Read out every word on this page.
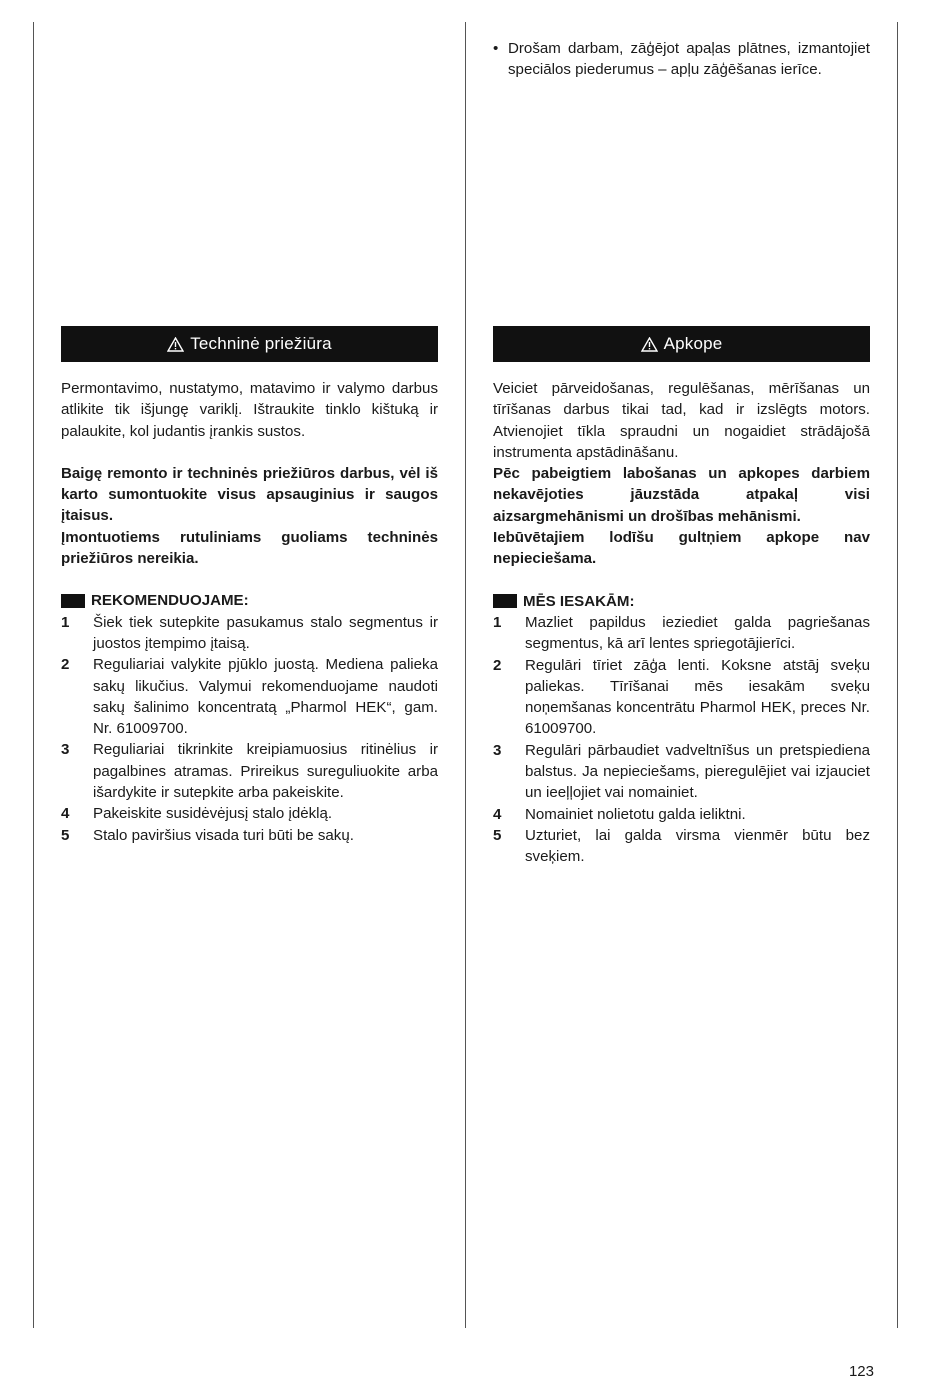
• Drošam darbam, zāģējot apaļas plātnes, izmantojiet speciālos piederumus – apļu zāģēšanas ierīce.
Techninė priežiūra	Apkope

Permontavimo, nustatymo, matavimo ir valymo darbus atlikite tik išjungę variklį. Ištraukite tinklo kištuką ir palaukite, kol judantis įrankis sustos.

Baigę remonto ir techninės priežiūros darbus, vėl iš karto sumontuokite visus apsauginius ir saugos įtaisus.

Įmontuotiems rutuliniams guoliams techninės priežiūros nereikia.

REKOMENDUOJAME:
1	Šiek tiek sutepkite pasukamus stalo segmentus ir juostos įtempimo įtaisą.
2	Reguliariai valykite pjūklo juostą. Mediena palieka sakų likučius. Valymui rekomenduojame naudoti sakų šalinimo koncentratą „Pharmol HEK“, gam. Nr. 61009700.
3	Reguliariai tikrinkite kreipiamuosius ritinėlius ir pagalbines atramas. Prireikus sureguliuokite arba išardykite ir sutepkite arba pakeiskite.
4	Pakeiskite susidėvėjusį stalo įdėklą.
5	Stalo paviršius visada turi būti be sakų.

Veiciet pārveidošanas, regulēšanas, mērīšanas un tīrīšanas darbus tikai tad, kad ir izslēgts motors. Atvienojiet tīkla spraudni un nogaidiet strādājošā instrumenta apstādināšanu.

Pēc pabeigtiem labošanas un apkopes darbiem nekavējoties jāuzstāda atpakaļ visi aizsargmehānismi un drošības mehānismi.

Iebūvētajiem lodīšu gultņiem apkope nav nepieciešama.

MĒS IESAKĀM:
1	Mazliet papildus ieziediet galda pagriešanas segmentus, kā arī lentes spriegotājierīci.
2	Regulāri tīriet zāģa lenti. Koksne atstāj sveķu paliekas. Tīrīšanai mēs iesakām sveķu noņemšanas koncentrātu Pharmol HEK, preces Nr. 61009700.
3	Regulāri pārbaudiet vadveltnīšus un pretspiediena balstus. Ja nepieciešams, pieregulējiet vai izjauciet un ieeļļojiet vai nomainiet.
4	Nomainiet nolietotu galda ieliktni.
5	Uzturiet, lai galda virsma vienmēr būtu bez sveķiem.
123
